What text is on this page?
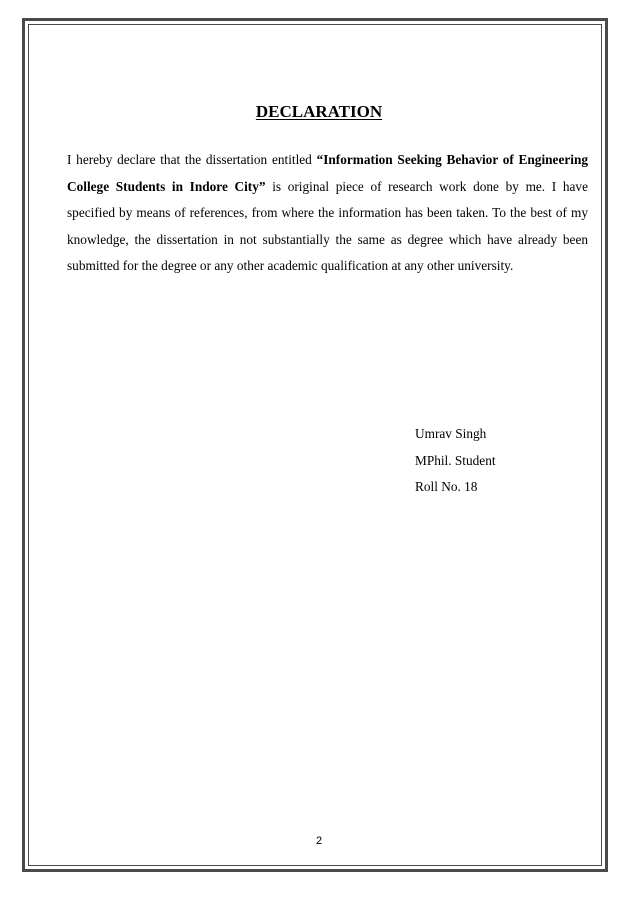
DECLARATION

I hereby declare that the dissertation entitled “Information Seeking Behavior of Engineering College Students in Indore City” is original piece of research work done by me. I have specified by means of references, from where the information has been taken. To the best of my knowledge, the dissertation in not substantially the same as degree which have already been submitted for the degree or any other academic qualification at any other university.

Umrav Singh
MPhil. Student
Roll No. 18
2
